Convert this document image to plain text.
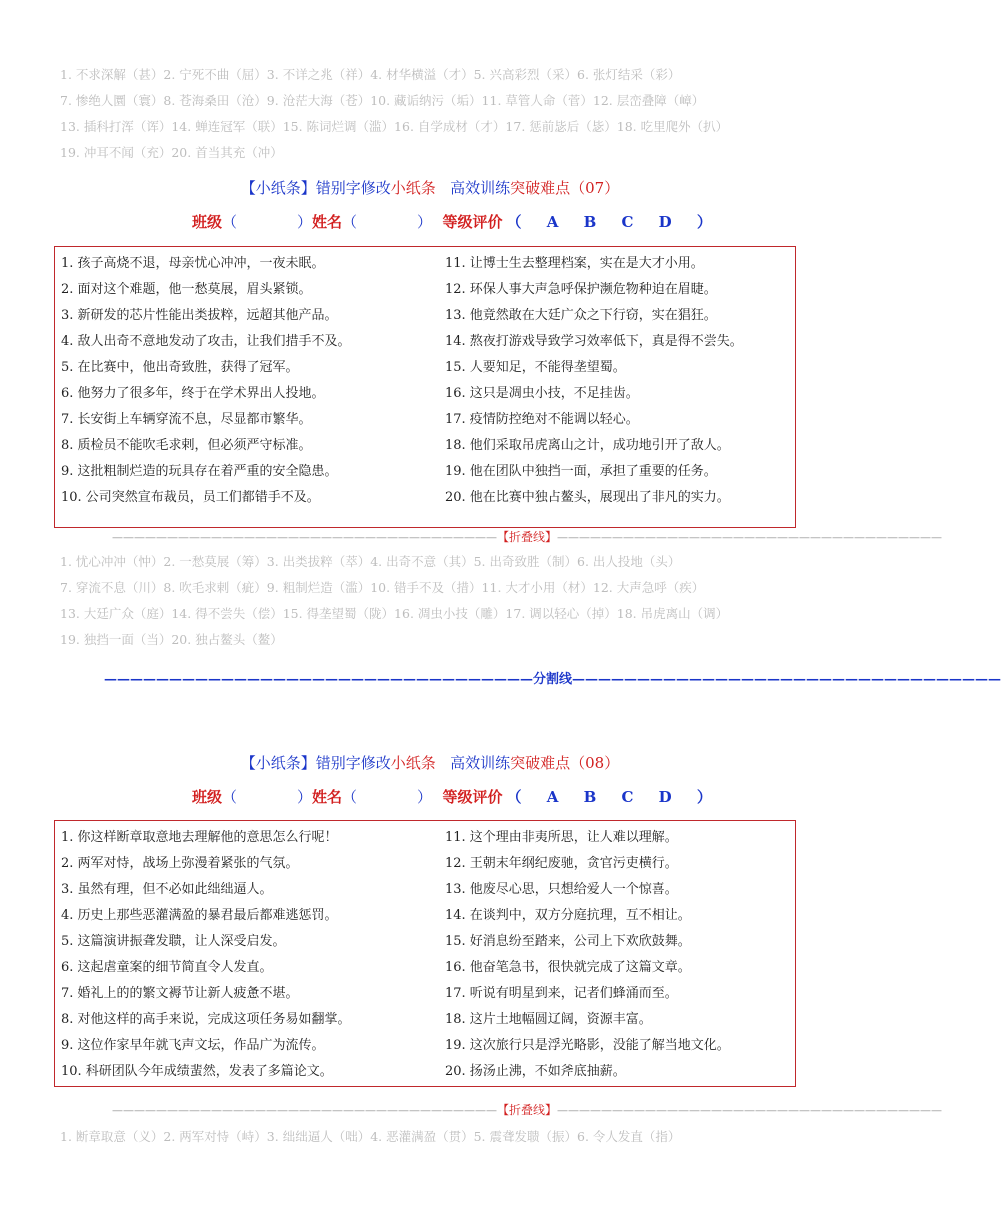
1. 不求深解（甚）2. 宁死不曲（屈）3. 不详之兆（祥）4. 材华横溢（才）5. 兴高彩烈（采）6. 张灯结采（彩）
7. 惨绝人圜（寰）8. 苍海桑田（沧）9. 沧茫大海（苍）10. 藏诟纳污（垢）11. 草管人命（菅）12. 层峦叠障（嶂）
13. 插科打浑（诨）14. 蝉连冠军（联）15. 陈词烂调（滥）16. 自学成材（才）17. 惩前毖后（毖）18. 吃里爬外（扒）
19. 冲耳不闻（充）20. 首当其充（冲）
【小纸条】错别字修改小纸条 高效训练突破难点（07）
班级（　　　　）姓名（　　　　） 等级评价 （ A B C D ）
1. 孩子高烧不退，母亲忧心冲冲，一夜未眠。
2. 面对这个难题，他一愁莫展，眉头紧锁。
3. 新研发的芯片性能出类拔粹，远超其他产品。
4. 敌人出奇不意地发动了攻击，让我们措手不及。
5. 在比赛中，他出奇致胜，获得了冠军。
6. 他努力了很多年，终于在学术界出人投地。
7. 长安街上车辆穿流不息，尽显都市繁华。
8. 质检员不能吹毛求剌，但必须严守标准。
9. 这批粗制烂造的玩具存在着严重的安全隐患。
10. 公司突然宣布裁员，员工们都错手不及。
11. 让博士生去整理档案，实在是大才小用。
12. 环保人事大声急呼保护濒危物种迫在眉睫。
13. 他竟然敢在大廷广众之下行窃，实在猖狂。
14. 熬夜打游戏导致学习效率低下，真是得不尝失。
15. 人要知足，不能得垄望蜀。
16. 这只是凋虫小技，不足挂齿。
17. 疫情防控绝对不能调以轻心。
18. 他们采取吊虎离山之计，成功地引开了敌人。
19. 他在团队中独挡一面，承担了重要的任务。
20. 他在比赛中独占鳌头，展现出了非凡的实力。
———————————————————————————————————【折叠线】———————————————————————————————————
1. 忧心冲冲（忡）2. 一愁莫展（筹）3. 出类拔粹（萃）4. 出奇不意（其）5. 出奇致胜（制）6. 出人投地（头）
7. 穿流不息（川）8. 吹毛求剌（疵）9. 粗制烂造（滥）10. 错手不及（措）11. 大才小用（材）12. 大声急呼（疾）
13. 大廷广众（庭）14. 得不尝失（偿）15. 得垄望蜀（陇）16. 凋虫小技（雕）17. 调以轻心（掉）18. 吊虎离山（调）
19. 独挡一面（当）20. 独占鳌头（鳌）
—————————————————————————————————分割线—————————————————————————————————
【小纸条】错别字修改小纸条 高效训练突破难点（08）
班级（　　　　）姓名（　　　　） 等级评价 （ A B C D ）
1. 你这样断章取意地去理解他的意思怎么行呢！
2. 两军对恃，战场上弥漫着紧张的气氛。
3. 虽然有理，但不必如此绌绌逼人。
4. 历史上那些恶灌满盈的暴君最后都难逃惩罚。
5. 这篇演讲振聋发聩，让人深受启发。
6. 这起虐童案的细节简直令人发直。
7. 婚礼上的的繁文褥节让新人疲惫不堪。
8. 对他这样的高手来说，完成这项任务易如翻掌。
9. 这位作家早年就飞声文坛，作品广为流传。
10. 科研团队今年成绩蜚然，发表了多篇论文。
11. 这个理由非夷所思，让人难以理解。
12. 王朝末年纲纪废驰，贪官污吏横行。
13. 他废尽心思，只想给爱人一个惊喜。
14. 在谈判中，双方分庭抗理，互不相让。
15. 好消息纷至踏来，公司上下欢欣鼓舞。
16. 他奋笔急书，很快就完成了这篇文章。
17. 听说有明星到来，记者们蜂涌而至。
18. 这片土地幅圆辽阔，资源丰富。
19. 这次旅行只是浮光略影，没能了解当地文化。
20. 扬汤止沸，不如斧底抽薪。
———————————————————————————————————【折叠线】———————————————————————————————————
1. 断章取意（义）2. 两军对恃（峙）3. 绌绌逼人（咄）4. 恶灌满盈（贯）5. 震聋发聩（振）6. 令人发直（指）
